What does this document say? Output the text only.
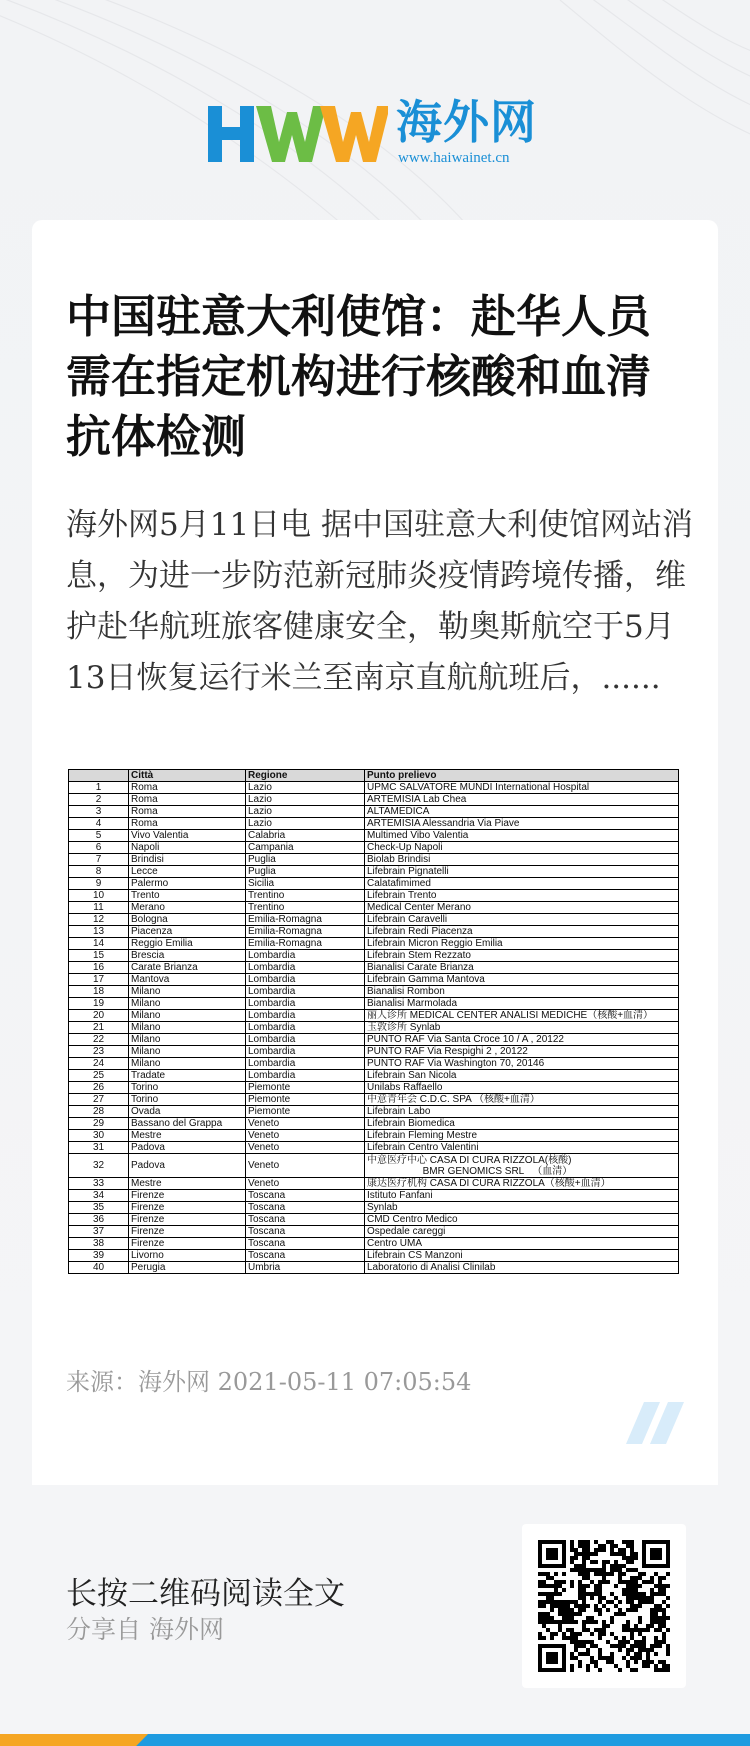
海外网
www.haiwainet.cn
中国驻意大利使馆：赴华人员需在指定机构进行核酸和血清抗体检测

海外网5月11日电 据中国驻意大利使馆网站消息，为进一步防范新冠肺炎疫情跨境传播，维护赴华航班旅客健康安全，勒奥斯航空于5月13日恢复运行米兰至南京直航航班后，......

	Città	Regione	Punto prelievo
1	Roma	Lazio	UPMC SALVATORE MUNDI International Hospital
2	Roma	Lazio	ARTEMISIA Lab Chea
3	Roma	Lazio	ALTAMEDICA
4	Roma	Lazio	ARTEMISIA Alessandria Via Piave
5	Vivo Valentia	Calabria	Multimed Vibo Valentia
6	Napoli	Campania	Check-Up Napoli
7	Brindisi	Puglia	Biolab Brindisi
8	Lecce	Puglia	Lifebrain Pignatelli
9	Palermo	Sicilia	Calatafimimed
10	Trento	Trentino	Lifebrain Trento
11	Merano	Trentino	Medical Center Merano
12	Bologna	Emilia-Romagna	Lifebrain Caravelli
13	Piacenza	Emilia-Romagna	Lifebrain Redi Piacenza
14	Reggio Emilia	Emilia-Romagna	Lifebrain Micron Reggio Emilia
15	Brescia	Lombardia	Lifebrain Stem Rezzato
16	Carate Brianza	Lombardia	Bianalisi Carate Brianza
17	Mantova	Lombardia	Lifebrain Gamma Mantova
18	Milano	Lombardia	Bianalisi Rombon
19	Milano	Lombardia	Bianalisi Marmolada
20	Milano	Lombardia	丽人诊所 MEDICAL CENTER ANALISI MEDICHE（核酸+血清）
21	Milano	Lombardia	玉敦诊所 Synlab
22	Milano	Lombardia	PUNTO RAF Via Santa Croce 10 / A , 20122
23	Milano	Lombardia	PUNTO RAF Via Respighi 2 , 20122
24	Milano	Lombardia	PUNTO RAF Via Washington 70, 20146
25	Tradate	Lombardia	Lifebrain San Nicola
26	Torino	Piemonte	Unilabs Raffaello
27	Torino	Piemonte	中意青年会 C.D.C. SPA （核酸+血清）
28	Ovada	Piemonte	Lifebrain Labo
29	Bassano del Grappa	Veneto	Lifebrain Biomedica
30	Mestre	Veneto	Lifebrain Fleming Mestre
31	Padova	Veneto	Lifebrain Centro Valentini
32	Padova	Veneto	中意医疗中心 CASA DI CURA RIZZOLA(核酸)
BMR GENOMICS SRL   （血清）
33	Mestre	Veneto	康达医疗机构 CASA DI CURA RIZZOLA（核酸+血清）
34	Firenze	Toscana	Istituto Fanfani
35	Firenze	Toscana	Synlab
36	Firenze	Toscana	CMD Centro Medico
37	Firenze	Toscana	Ospedale careggi
38	Firenze	Toscana	Centro UMA
39	Livorno	Toscana	Lifebrain CS Manzoni
40	Perugia	Umbria	Laboratorio di Analisi Clinilab
来源：海外网 2021-05-11 07:05:54
长按二维码阅读全文
分享自 海外网
